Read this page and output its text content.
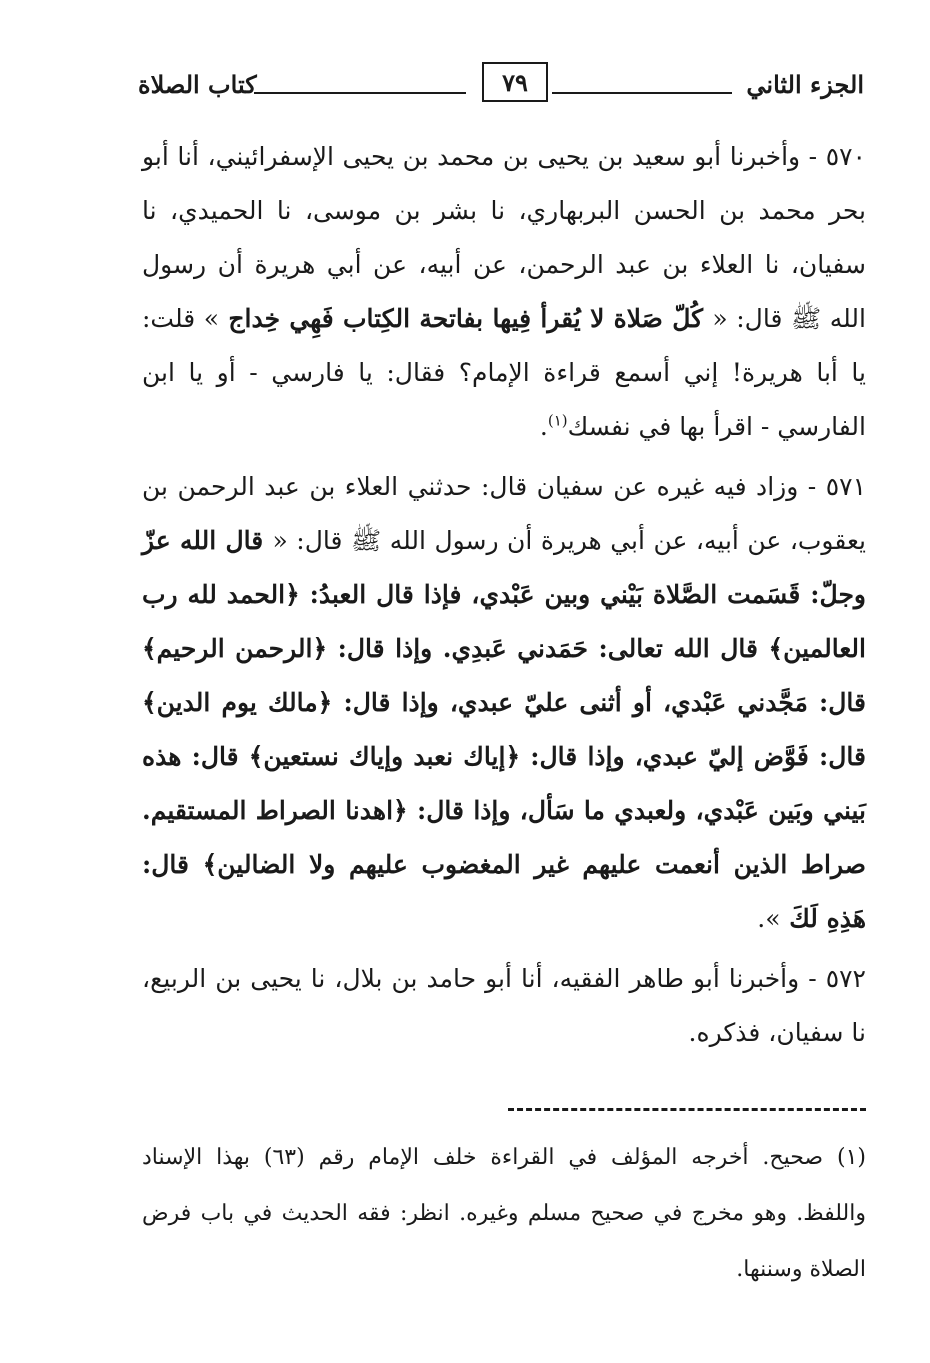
الجزء الثاني
٧٩
كتاب الصلاة

٥٧٠ - وأخبرنا أبو سعيد بن يحيى بن محمد بن يحيى الإسفرائيني، أنا أبو بحر محمد بن الحسن البربهاري، نا بشر بن موسى، نا الحميدي، نا سفيان، نا العلاء بن عبد الرحمن، عن أبيه، عن أبي هريرة أن رسول الله ﷺ قال: « كُلّ صَلاة لا يُقرأ فِيها بفاتحة الكِتاب فَهِي خِداج » قلت: يا أبا هريرة! إني أسمع قراءة الإمام؟ فقال: يا فارسي - أو يا ابن الفارسي - اقرأ بها في نفسك$^{(١)}$.

٥٧١ - وزاد فيه غيره عن سفيان قال: حدثني العلاء بن عبد الرحمن بن يعقوب، عن أبيه، عن أبي هريرة أن رسول الله ﷺ قال: « قال الله عزّ وجلّ: قَسَمت الصَّلاة بَيْني وبين عَبْدي، فإذا قال العبدُ: ﴿الحمد لله رب العالمين﴾ قال الله تعالى: حَمَدني عَبدِي. وإذا قال: ﴿الرحمن الرحيم﴾ قال: مَجَّدني عَبْدي، أو أثنى عليّ عبدي، وإذا قال: ﴿مالك يوم الدين﴾ قال: فَوَّض إليّ عبدي، وإذا قال: ﴿إياك نعبد وإياك نستعين﴾ قال: هذه بَيني وبَين عَبْدي، ولعبدي ما سَأل، وإذا قال: ﴿اهدنا الصراط المستقيم. صراط الذين أنعمت عليهم غير المغضوب عليهم ولا الضالين﴾ قال: هَذِهِ لَكَ ».

٥٧٢ - وأخبرنا أبو طاهر الفقيه، أنا أبو حامد بن بلال، نا يحيى بن الربيع، نا سفيان، فذكره.

(١) صحيح. أخرجه المؤلف في القراءة خلف الإمام رقم (٦٣) بهذا الإسناد واللفظ. وهو مخرج في صحيح مسلم وغيره. انظر: فقه الحديث في باب فرض الصلاة وسننها.
